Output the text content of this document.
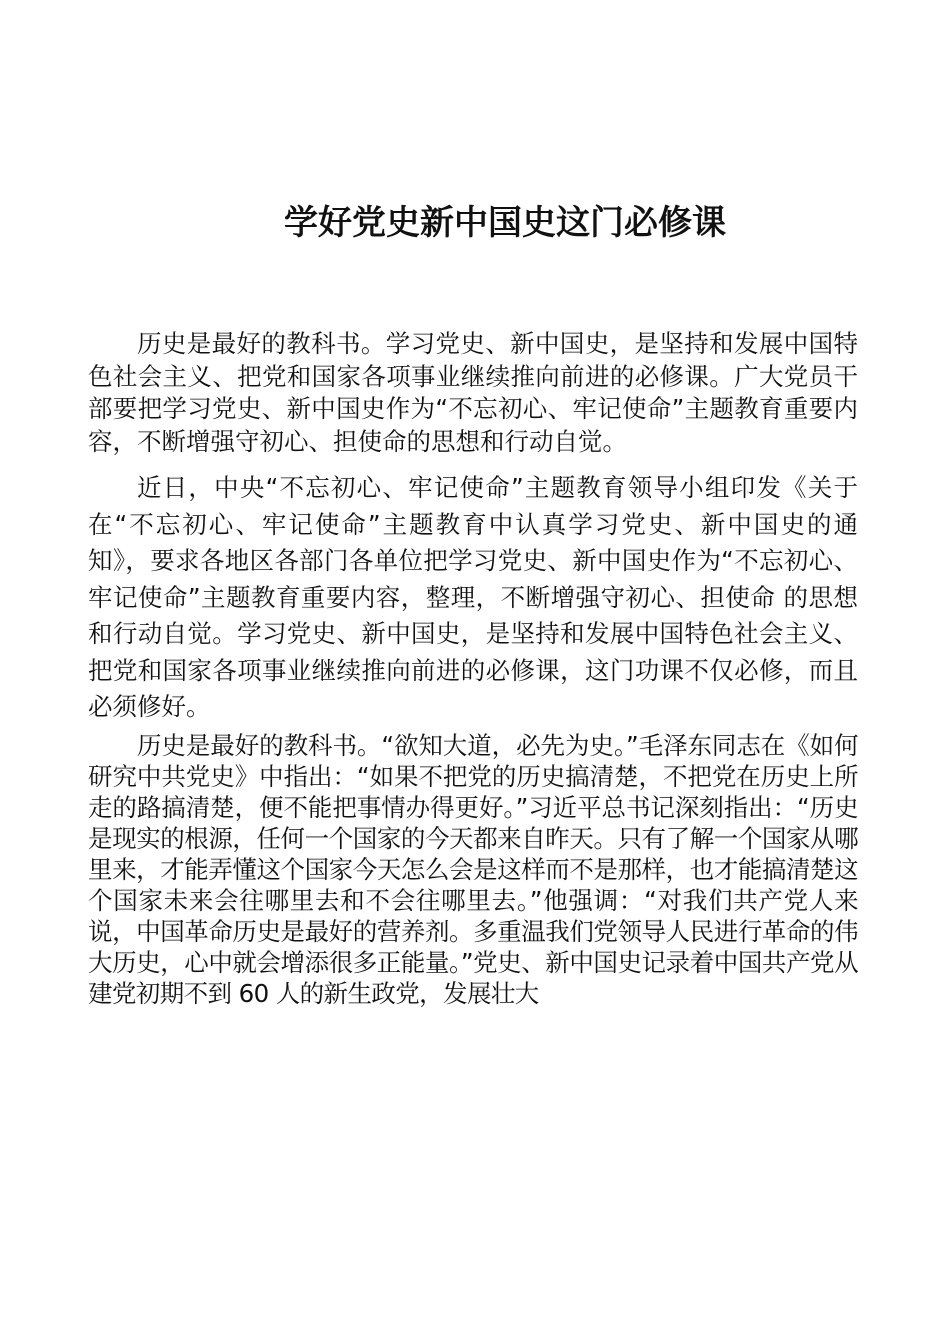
学好党史新中国史这门必修课

历史是最好的教科书。学习党史、新中国史，是坚持和发展中国特色社会主义、把党和国家各项事业继续推向前进的必修课。广大党员干部要把学习党史、新中国史作为“不忘初心、牢记使命”主题教育重要内容，不断增强守初心、担使命的思想和行动自觉。

近日，中央“不忘初心、牢记使命”主题教育领导小组印发《关于在“不忘初心、牢记使命”主题教育中认真学习党史、新中国史的通知》，要求各地区各部门各单位把学习党史、新中国史作为“不忘初心、牢记使命”主题教育重要内容，整理，不断增强守初心、担使命 的思想和行动自觉。学习党史、新中国史，是坚持和发展中国特色社会主义、把党和国家各项事业继续推向前进的必修课，这门功课不仅必修，而且必须修好。

历史是最好的教科书。“欲知大道，必先为史。”毛泽东同志在《如何研究中共党史》中指出：“如果不把党的历史搞清楚，不把党在历史上所走的路搞清楚，便不能把事情办得更好。”习近平总书记深刻指出：“历史是现实的根源，任何一个国家的今天都来自昨天。只有了解一个国家从哪里来，才能弄懂这个国家今天怎么会是这样而不是那样，也才能搞清楚这个国家未来会往哪里去和不会往哪里去。”他强调：“对我们共产党人来说，中国革命历史是最好的营养剂。多重温我们党领导人民进行革命的伟大历史，心中就会增添很多正能量。”党史、新中国史记录着中国共产党从建党初期不到 60 人的新生政党，发展壮大
